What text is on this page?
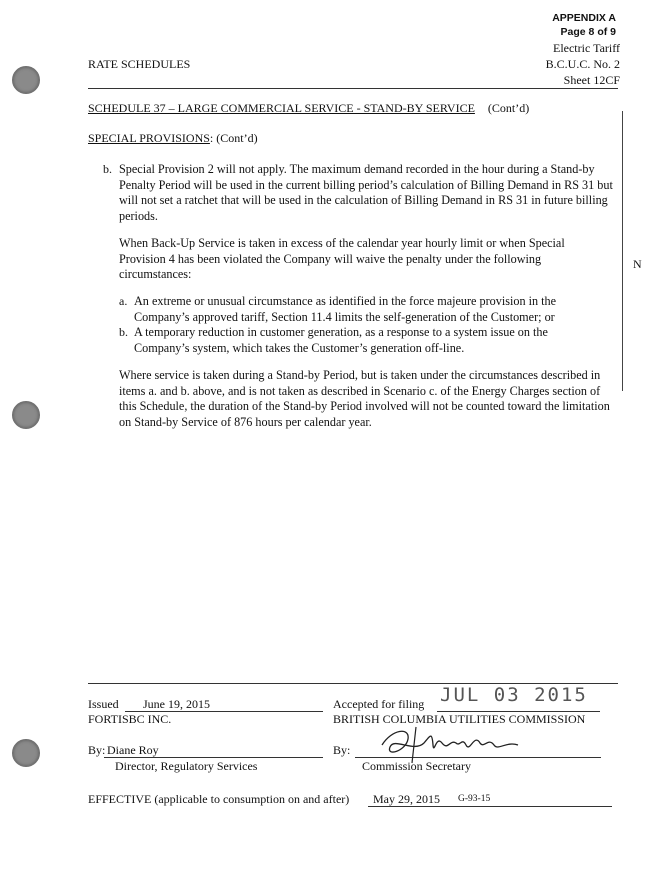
APPENDIX A
Page 8 of 9
Electric Tariff
B.C.U.C. No. 2
Sheet 12CF
RATE SCHEDULES
SCHEDULE 37 – LARGE COMMERCIAL SERVICE - STAND-BY SERVICE (Cont’d)
SPECIAL PROVISIONS: (Cont’d)
N
b. Special Provision 2 will not apply. The maximum demand recorded in the hour during a Stand-by Penalty Period will be used in the current billing period’s calculation of Billing Demand in RS 31 but will not set a ratchet that will be used in the calculation of Billing Demand in RS 31 in future billing periods.

When Back-Up Service is taken in excess of the calendar year hourly limit or when Special Provision 4 has been violated the Company will waive the penalty under the following circumstances:

a. An extreme or unusual circumstance as identified in the force majeure provision in the Company’s approved tariff, Section 11.4 limits the self-generation of the Customer; or

b. A temporary reduction in customer generation, as a response to a system issue on the Company’s system, which takes the Customer’s generation off-line.

Where service is taken during a Stand-by Period, but is taken under the circumstances described in items a. and b. above, and is not taken as described in Scenario c. of the Energy Charges section of this Schedule, the duration of the Stand-by Period involved will not be counted toward the limitation on Stand-by Service of 876 hours per calendar year.

Issued June 19, 2015
FORTISBC INC.
By: Diane Roy
Director, Regulatory Services
Accepted for filing JUL 03 2015
BRITISH COLUMBIA UTILITIES COMMISSION
By:
Commission Secretary
EFFECTIVE (applicable to consumption on and after) May 29, 2015 G-93-15
